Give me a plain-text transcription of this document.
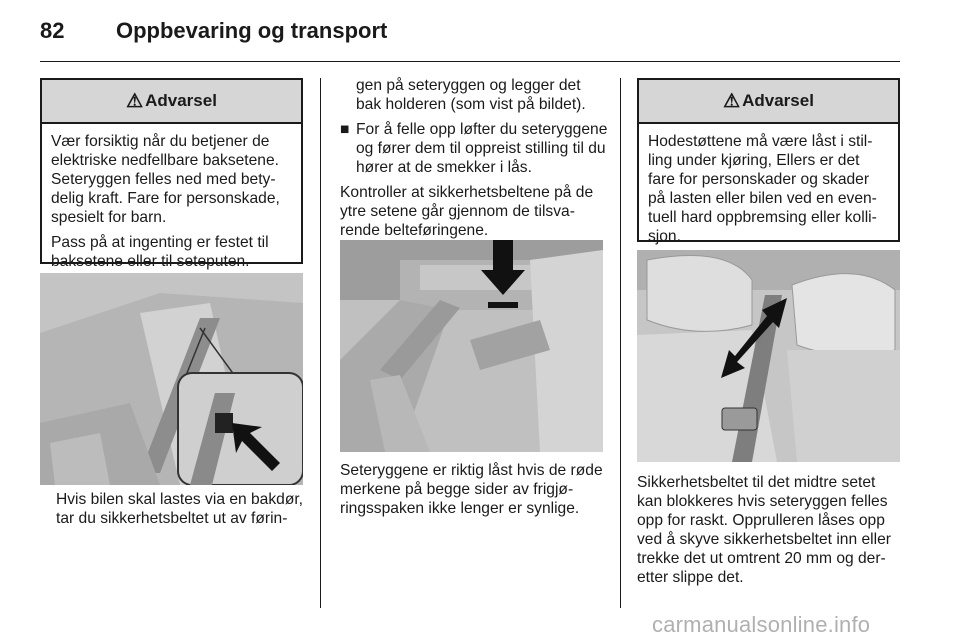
82 Oppbevaring og transport
⚠ Advarsel

Vær forsiktig når du betjener de elektriske nedfellbare baksetene. Seteryggen felles ned med betydelig kraft. Fare for personskade, spesielt for barn.

Pass på at ingenting er festet til baksetene eller til seteputen.

Hvis bilen skal lastes via en bakdør, tar du sikkerhetsbeltet ut av førin-

gen på seteryggen og legger det bak holderen (som vist på bildet).

■ For å felle opp løfter du seteryggene og fører dem til oppreist stilling til du hører at de smekker i lås.

Kontroller at sikkerhetsbeltene på de ytre setene går gjennom de tilsvarende belteføringene.

Seteryggene er riktig låst hvis de røde merkene på begge sider av frigjøringsspaken ikke lenger er synlige.
⚠ Advarsel

Hodestøttene må være låst i stilling under kjøring, Ellers er det fare for personskader og skader på lasten eller bilen ved en eventuell hard oppbremsing eller kollisjon.

Sikkerhetsbeltet til det midtre setet kan blokkeres hvis seteryggen felles opp for raskt. Opprulleren låses opp ved å skyve sikkerhetsbeltet inn eller trekke det ut omtrent 20 mm og deretter slippe det.
carmanualsonline.info
